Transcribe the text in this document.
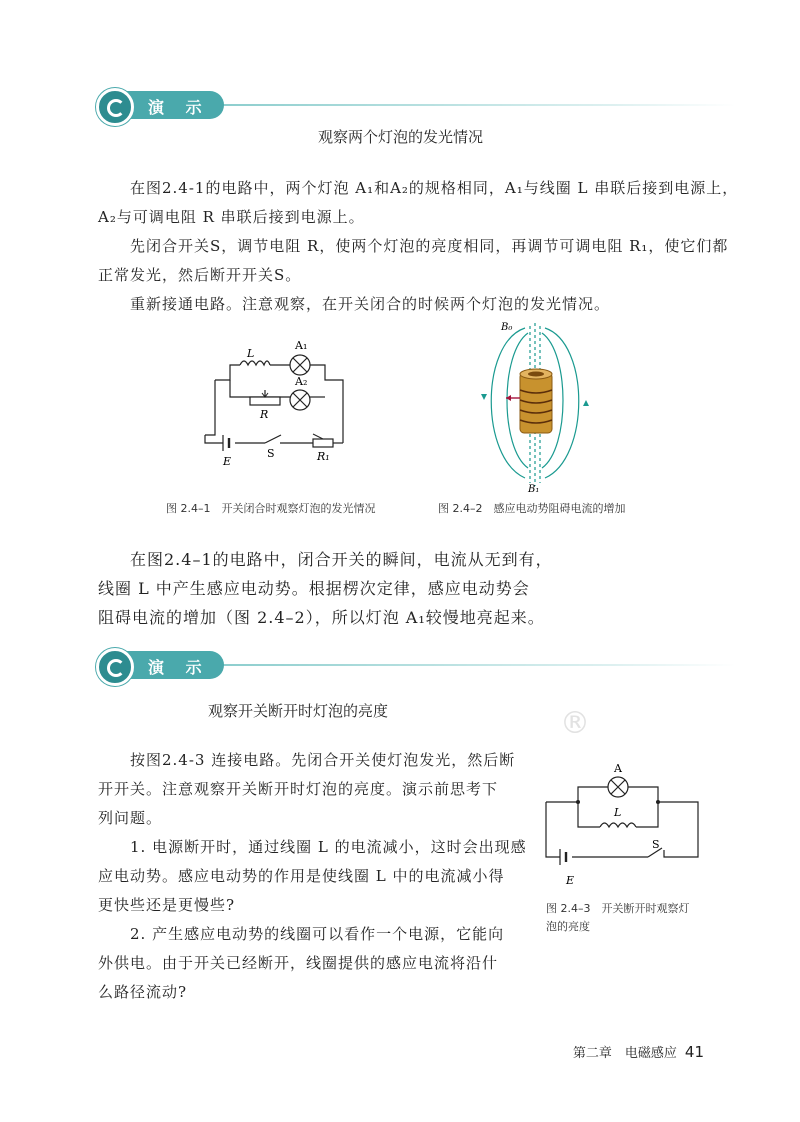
演 示
观察两个灯泡的发光情况
在图2.4-1的电路中，两个灯泡 A₁和A₂的规格相同，A₁与线圈 L 串联后接到电源上，
A₂与可调电阻 R 串联后接到电源上。
先闭合开关S，调节电阻 R，使两个灯泡的亮度相同，再调节可调电阻 R₁，使它们都
正常发光，然后断开开关S。
重新接通电路。注意观察，在开关闭合的时候两个灯泡的发光情况。
L
A₁
A₂
R
E
S	R₁
B₀
B₁
图 2.4–1　开关闭合时观察灯泡的发光情况	图 2.4–2　感应电动势阻碍电流的增加
在图2.4–1的电路中，闭合开关的瞬间，电流从无到有，
线圈 L 中产生感应电动势。根据楞次定律，感应电动势会
阻碍电流的增加（图 2.4–2），所以灯泡 A₁较慢地亮起来。
演 示
观察开关断开时灯泡的亮度	®
按图2.4-3 连接电路。先闭合开关使灯泡发光，然后断
开开关。注意观察开关断开时灯泡的亮度。演示前思考下
列问题。
1. 电源断开时，通过线圈 L 的电流减小，这时会出现感
应电动势。感应电动势的作用是使线圈 L 中的电流减小得
更快些还是更慢些?
2. 产生感应电动势的线圈可以看作一个电源，它能向
外供电。由于开关已经断开，线圈提供的感应电流将沿什
么路径流动?
A
L
S
E
图 2.4–3　开关断开时观察灯
泡的亮度
第二章　电磁感应 41
